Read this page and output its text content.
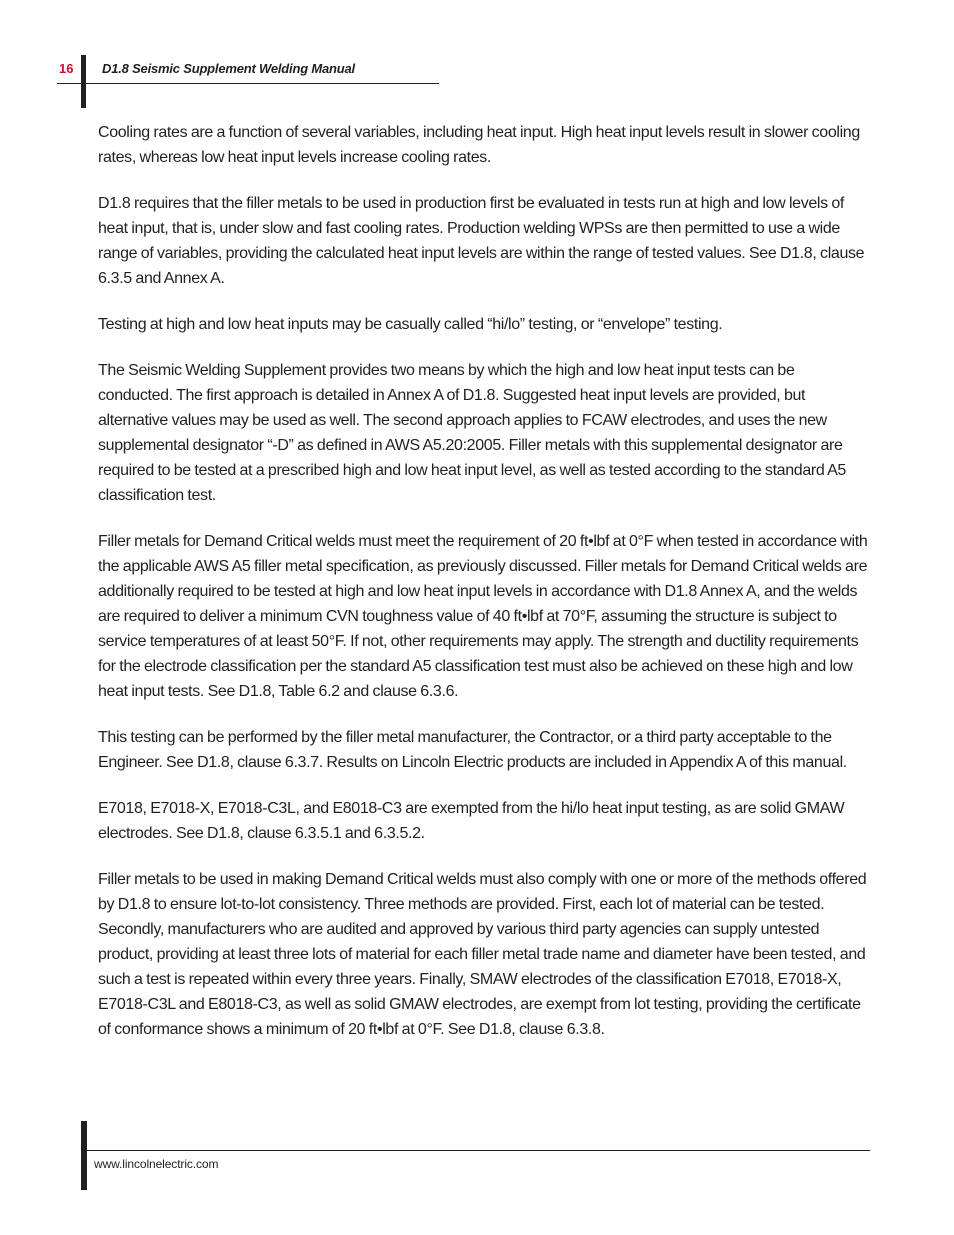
16 D1.8 Seismic Supplement Welding Manual

Cooling rates are a function of several variables, including heat input. High heat input levels result in slower cooling rates, whereas low heat input levels increase cooling rates.

D1.8 requires that the filler metals to be used in production first be evaluated in tests run at high and low levels of heat input, that is, under slow and fast cooling rates. Production welding WPSs are then permitted to use a wide range of variables, providing the calculated heat input levels are within the range of tested values. See D1.8, clause 6.3.5 and Annex A.

Testing at high and low heat inputs may be casually called “hi/lo” testing, or “envelope” testing.

The Seismic Welding Supplement provides two means by which the high and low heat input tests can be conducted. The first approach is detailed in Annex A of D1.8. Suggested heat input levels are provided, but alternative values may be used as well. The second approach applies to FCAW electrodes, and uses the new supplemental designator “-D” as defined in AWS A5.20:2005. Filler metals with this supplemental designator are required to be tested at a prescribed high and low heat input level, as well as tested according to the standard A5 classification test.

Filler metals for Demand Critical welds must meet the requirement of 20 ft•lbf at 0°F when tested in accordance with the applicable AWS A5 filler metal specification, as previously discussed. Filler metals for Demand Critical welds are additionally required to be tested at high and low heat input levels in accordance with D1.8 Annex A, and the welds are required to deliver a minimum CVN toughness value of 40 ft•lbf at 70°F, assuming the structure is subject to service temperatures of at least 50°F. If not, other requirements may apply. The strength and ductility requirements for the electrode classification per the standard A5 classification test must also be achieved on these high and low heat input tests. See D1.8, Table 6.2 and clause 6.3.6.

This testing can be performed by the filler metal manufacturer, the Contractor, or a third party acceptable to the Engineer. See D1.8, clause 6.3.7. Results on Lincoln Electric products are included in Appendix A of this manual.

E7018, E7018-X, E7018-C3L, and E8018-C3 are exempted from the hi/lo heat input testing, as are solid GMAW electrodes. See D1.8, clause 6.3.5.1 and 6.3.5.2.

Filler metals to be used in making Demand Critical welds must also comply with one or more of the methods offered by D1.8 to ensure lot-to-lot consistency. Three methods are provided. First, each lot of material can be tested. Secondly, manufacturers who are audited and approved by various third party agencies can supply untested product, providing at least three lots of material for each filler metal trade name and diameter have been tested, and such a test is repeated within every three years. Finally, SMAW electrodes of the classification E7018, E7018-X, E7018-C3L and E8018-C3, as well as solid GMAW electrodes, are exempt from lot testing, providing the certificate of conformance shows a minimum of 20 ft•lbf at 0°F. See D1.8, clause 6.3.8.

www.lincolnelectric.com
